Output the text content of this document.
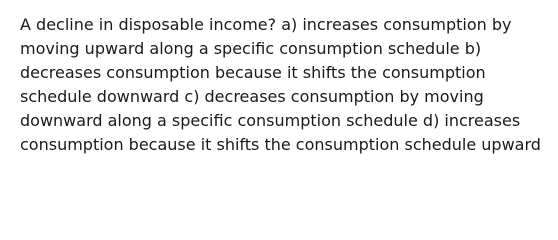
A decline in disposable income? a) increases consumption by
moving upward along a specific consumption schedule b)
decreases consumption because it shifts the consumption
schedule downward c) decreases consumption by moving
downward along a specific consumption schedule d) increases
consumption because it shifts the consumption schedule upward
